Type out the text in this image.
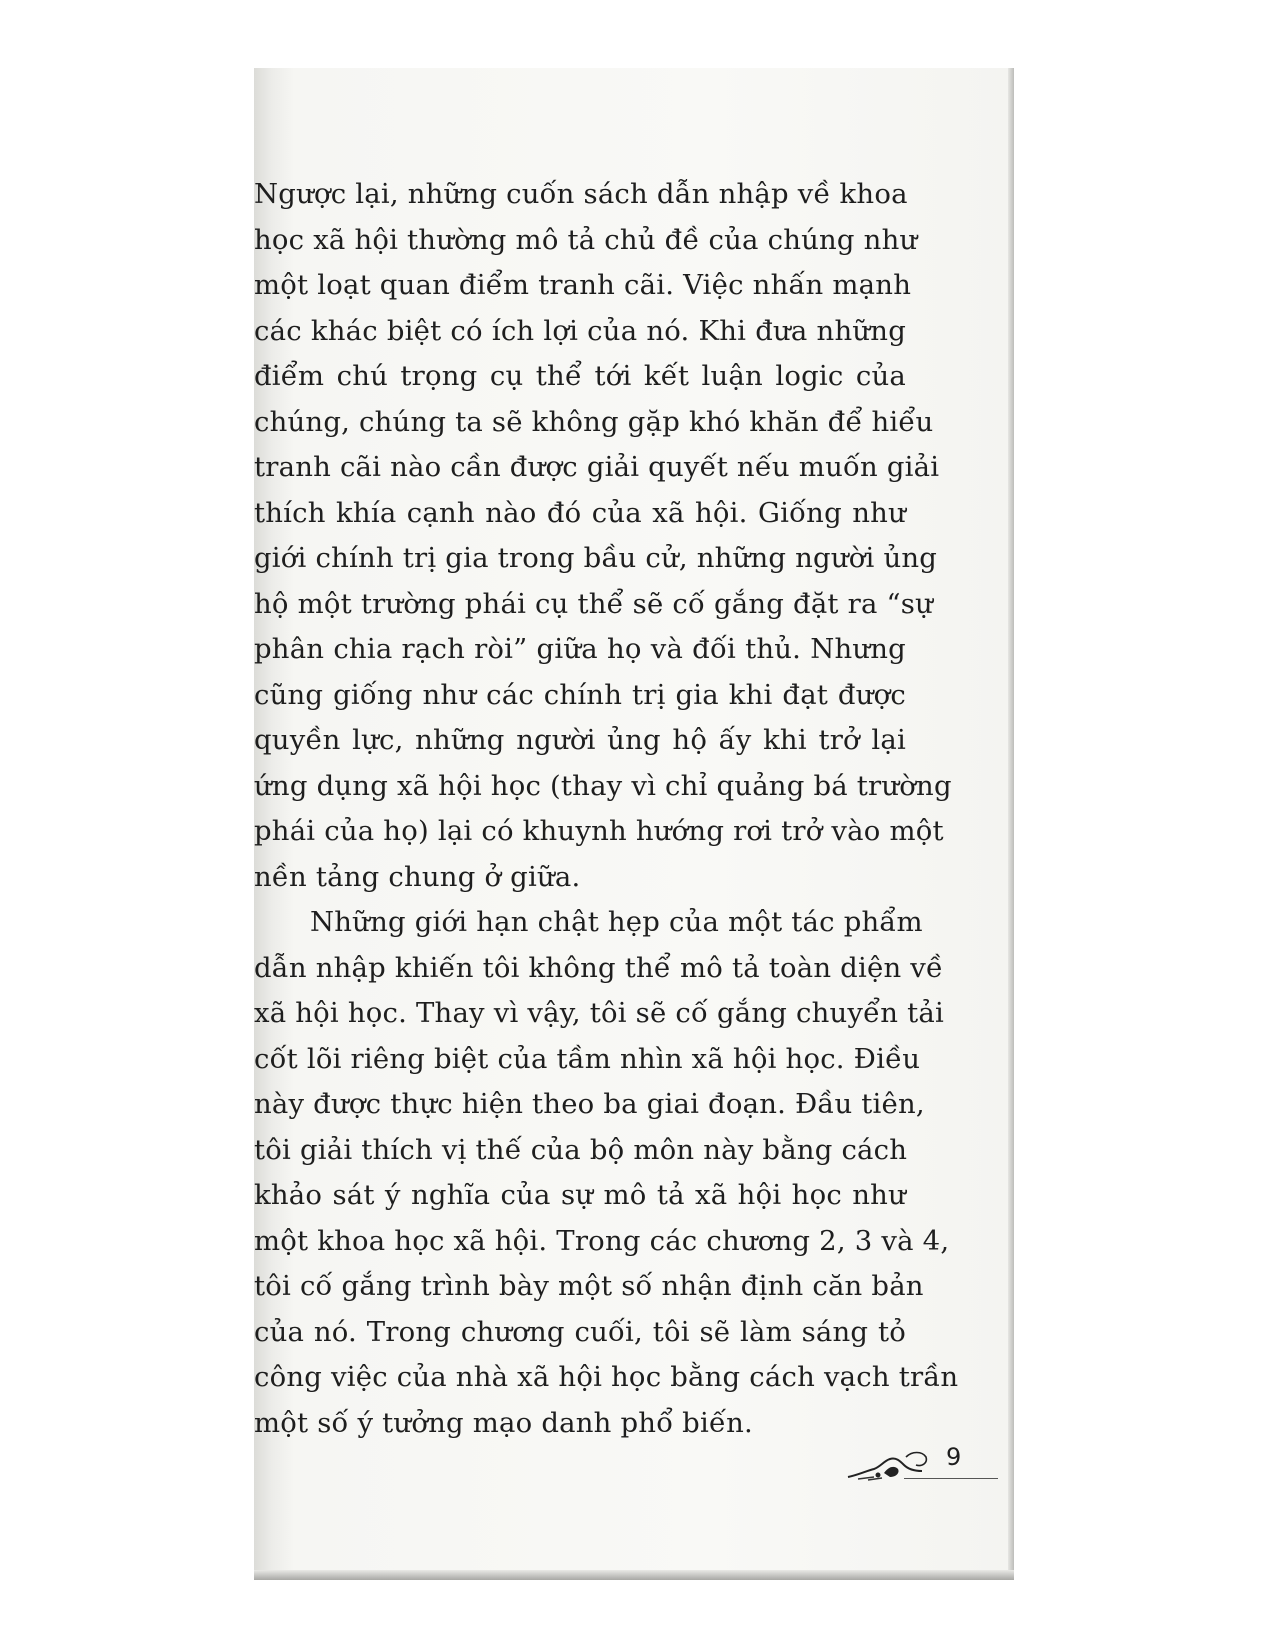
Ngược lại, những cuốn sách dẫn nhập về khoa
học xã hội thường mô tả chủ đề của chúng như
một loạt quan điểm tranh cãi. Việc nhấn mạnh
các khác biệt có ích lợi của nó. Khi đưa những
điểm chú trọng cụ thể tới kết luận logic của
chúng, chúng ta sẽ không gặp khó khăn để hiểu
tranh cãi nào cần được giải quyết nếu muốn giải
thích khía cạnh nào đó của xã hội. Giống như
giới chính trị gia trong bầu cử, những người ủng
hộ một trường phái cụ thể sẽ cố gắng đặt ra “sự
phân chia rạch ròi” giữa họ và đối thủ. Nhưng
cũng giống như các chính trị gia khi đạt được
quyền lực, những người ủng hộ ấy khi trở lại
ứng dụng xã hội học (thay vì chỉ quảng bá trường
phái của họ) lại có khuynh hướng rơi trở vào một
nền tảng chung ở giữa.
Những giới hạn chật hẹp của một tác phẩm
dẫn nhập khiến tôi không thể mô tả toàn diện về
xã hội học. Thay vì vậy, tôi sẽ cố gắng chuyển tải
cốt lõi riêng biệt của tầm nhìn xã hội học. Điều
này được thực hiện theo ba giai đoạn. Đầu tiên,
tôi giải thích vị thế của bộ môn này bằng cách
khảo sát ý nghĩa của sự mô tả xã hội học như
một khoa học xã hội. Trong các chương 2, 3 và 4,
tôi cố gắng trình bày một số nhận định căn bản
của nó. Trong chương cuối, tôi sẽ làm sáng tỏ
công việc của nhà xã hội học bằng cách vạch trần
một số ý tưởng mạo danh phổ biến.
9
